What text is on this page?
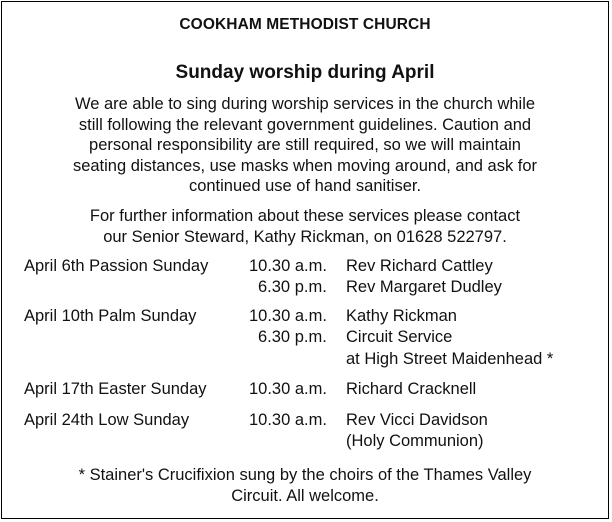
COOKHAM METHODIST CHURCH
Sunday worship during April
We are able to sing during worship services in the church while
still following the relevant government guidelines. Caution and
personal responsibility are still required, so we will maintain
seating distances, use masks when moving around, and ask for
continued use of hand sanitiser.
For further information about these services please contact
our Senior Steward, Kathy Rickman, on 01628 522797.
April 6th Passion Sunday 10.30 a.m. Rev Richard Cattley
6.30 p.m. Rev Margaret Dudley
April 10th Palm Sunday	10.30 a.m. Kathy Rickman
6.30 p.m. Circuit Service
at High Street Maidenhead *
April 17th Easter Sunday	10.30 a.m. Richard Cracknell
April 24th Low Sunday	10.30 a.m. Rev Vicci Davidson
(Holy Communion)
* Stainer's Crucifixion sung by the choirs of the Thames Valley
Circuit. All welcome.
